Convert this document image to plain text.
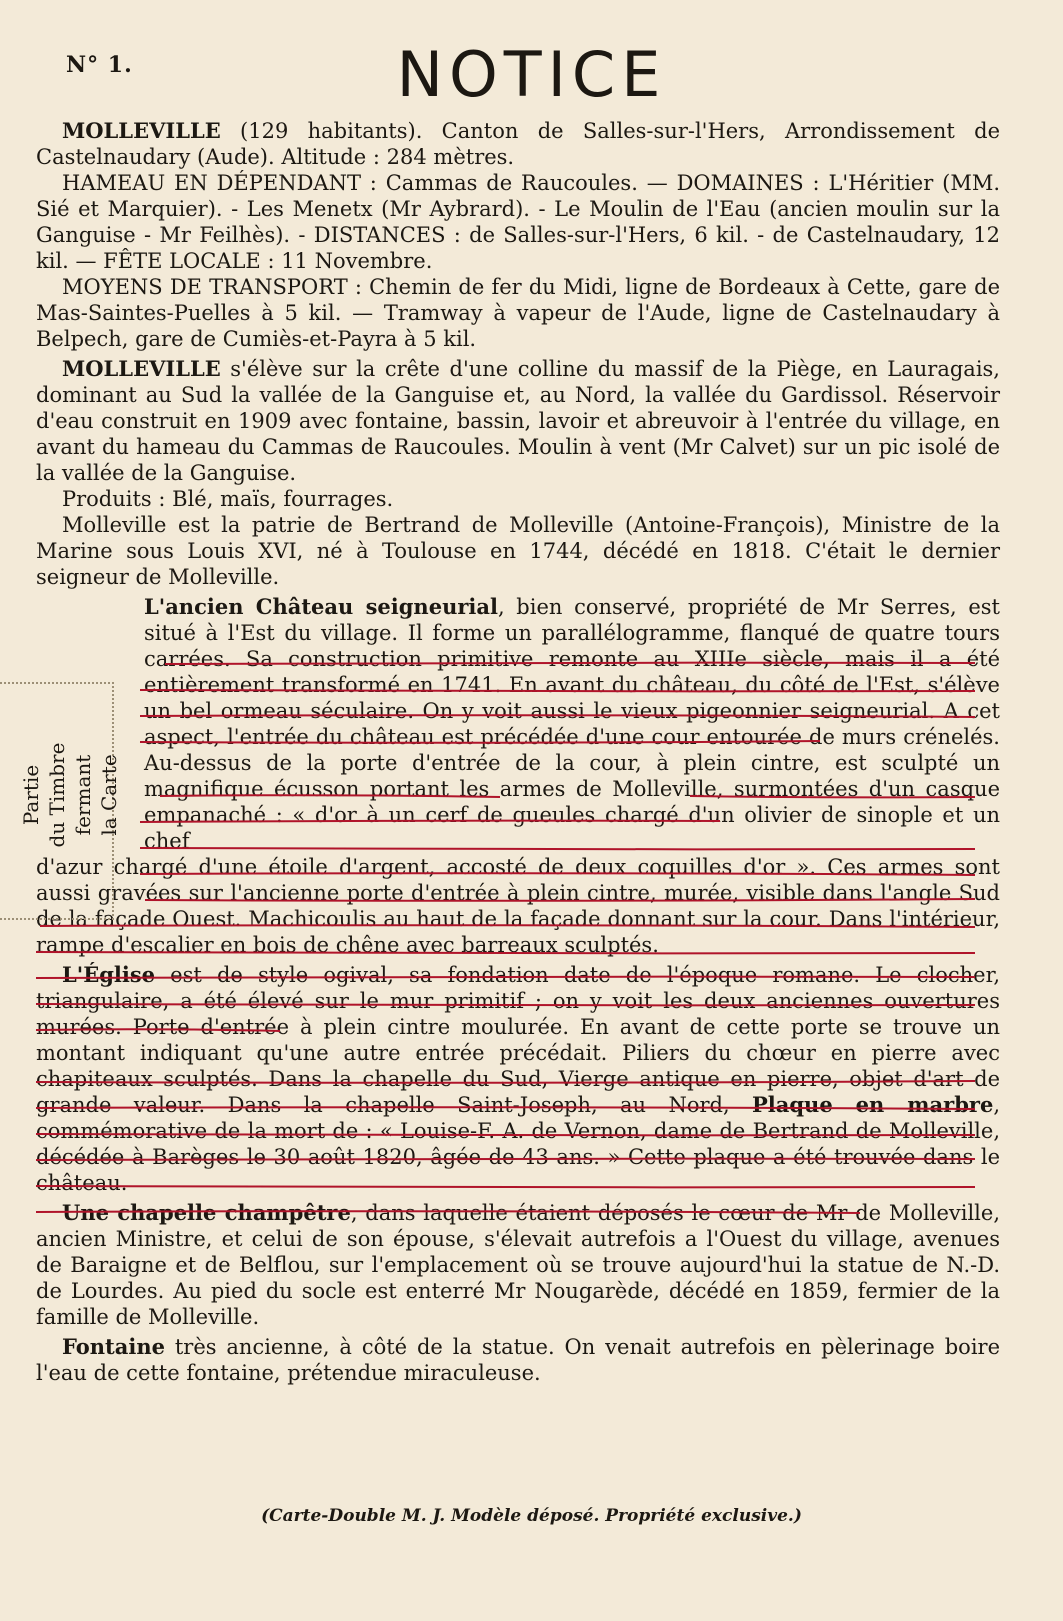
N° 1.	NOTICE

MOLLEVILLE (129 habitants). Canton de Salles-sur-l'Hers, Arrondissement de Castelnaudary (Aude). Altitude : 284 mètres.

HAMEAU EN DÉPENDANT : Cammas de Raucoules. — DOMAINES : L'Héritier (MM. Sié et Marquier). - Les Menetx (Mr Aybrard). - Le Moulin de l'Eau (ancien moulin sur la Ganguise - Mr Feilhès). - DISTANCES : de Salles-sur-l'Hers, 6 kil. - de Castelnaudary, 12 kil. — FÊTE LOCALE : 11 Novembre.

MOYENS DE TRANSPORT : Chemin de fer du Midi, ligne de Bordeaux à Cette, gare de Mas-Saintes-Puelles à 5 kil. — Tramway à vapeur de l'Aude, ligne de Castelnaudary à Belpech, gare de Cumiès-et-Payra à 5 kil.

MOLLEVILLE s'élève sur la crête d'une colline du massif de la Piège, en Lauragais, dominant au Sud la vallée de la Ganguise et, au Nord, la vallée du Gardissol. Réservoir d'eau construit en 1909 avec fontaine, bassin, lavoir et abreuvoir à l'entrée du village, en avant du hameau du Cammas de Raucoules. Moulin à vent (Mr Calvet) sur un pic isolé de la vallée de la Ganguise.

Produits : Blé, maïs, fourrages.

Molleville est la patrie de Bertrand de Molleville (Antoine-François), Ministre de la Marine sous Louis XVI, né à Toulouse en 1744, décédé en 1818. C'était le dernier seigneur de Molleville.

L'ancien Château seigneurial, bien conservé, propriété de Mr Serres, est situé à l'Est du village. Il forme un parallélogramme, flanqué de quatre tours carrées. Sa construction primitive remonte au XIIIe siècle, mais il a été entièrement transformé en 1741. En avant du château, du côté de l'Est, s'élève un bel ormeau séculaire. On y voit aussi le vieux pigeonnier seigneurial. A cet aspect, l'entrée du château est précédée d'une cour entourée de murs crénelés. Au-dessus de la porte d'entrée de la cour, à plein cintre, est sculpté un magnifique écusson portant les armes de Molleville, surmontées d'un casque empanaché : « d'or à un cerf de gueules chargé d'un olivier de sinople et un chef

d'azur chargé d'une étoile d'argent, accosté de deux coquilles d'or ». Ces armes sont aussi gravées sur l'ancienne porte d'entrée à plein cintre, murée, visible dans l'angle Sud de la façade Ouest. Machicoulis au haut de la façade donnant sur la cour. Dans l'intérieur, rampe d'escalier en bois de chêne avec barreaux sculptés.

L'Église est de style ogival, sa fondation date de l'époque romane. Le clocher, triangulaire, a été élevé sur le mur primitif ; on y voit les deux anciennes ouvertures murées. Porte d'entrée à plein cintre moulurée. En avant de cette porte se trouve un montant indiquant qu'une autre entrée précédait. Piliers du chœur en pierre avec chapiteaux sculptés. Dans la chapelle du Sud, Vierge antique en pierre, objet d'art de grande valeur. Dans la chapelle Saint-Joseph, au Nord, Plaque en marbre, commémorative de la mort de : « Louise-F. A. de Vernon, dame de Bertrand de Molleville, décédée à Barèges le 30 août 1820, âgée de 43 ans. » Cette plaque a été trouvée dans le château.

Une chapelle champêtre, dans laquelle étaient déposés le cœur de Mr de Molleville, ancien Ministre, et celui de son épouse, s'élevait autrefois a l'Ouest du village, avenues de Baraigne et de Belflou, sur l'emplacement où se trouve aujourd'hui la statue de N.-D. de Lourdes. Au pied du socle est enterré Mr Nougarède, décédé en 1859, fermier de la famille de Molleville.

Fontaine très ancienne, à côté de la statue. On venait autrefois en pèlerinage boire l'eau de cette fontaine, prétendue miraculeuse.

Partie du Timbre fermant la Carte
(Carte-Double M. J. Modèle déposé. Propriété exclusive.)
